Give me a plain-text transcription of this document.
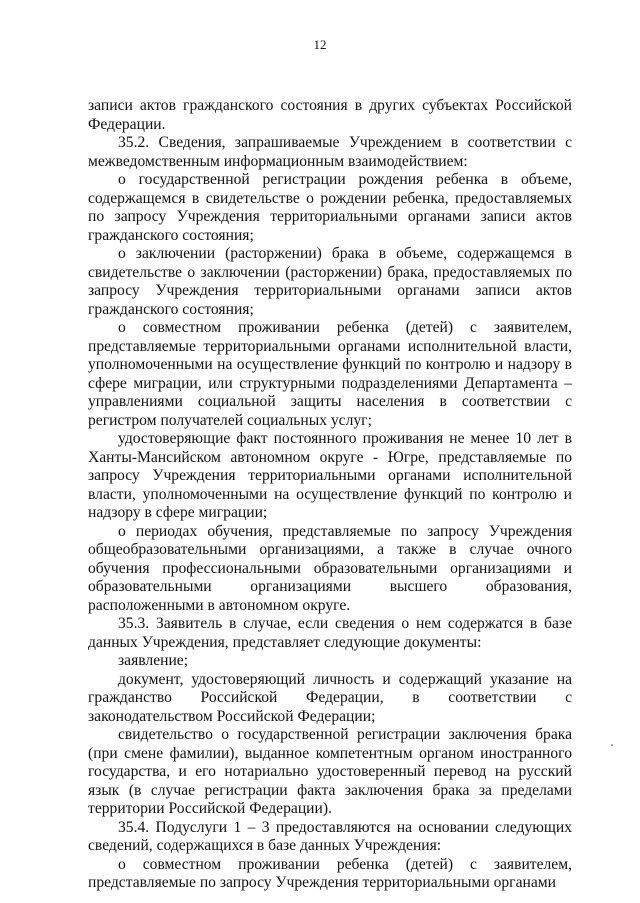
12

записи актов гражданского состояния в других субъектах Российской Федерации.

35.2. Сведения, запрашиваемые Учреждением в соответствии с межведомственным информационным взаимодействием:

о государственной регистрации рождения ребенка в объеме, содержащемся в свидетельстве о рождении ребенка, предоставляемых по запросу Учреждения территориальными органами записи актов гражданского состояния;

о заключении (расторжении) брака в объеме, содержащемся в свидетельстве о заключении (расторжении) брака, предоставляемых по запросу Учреждения территориальными органами записи актов гражданского состояния;

о совместном проживании ребенка (детей) с заявителем, представляемые территориальными органами исполнительной власти, уполномоченными на осуществление функций по контролю и надзору в сфере миграции, или структурными подразделениями Департамента – управлениями социальной защиты населения в соответствии с регистром получателей социальных услуг;

удостоверяющие факт постоянного проживания не менее 10 лет в Ханты-Мансийском автономном округе - Югре, представляемые по запросу Учреждения территориальными органами исполнительной власти, уполномоченными на осуществление функций по контролю и надзору в сфере миграции;

о периодах обучения, представляемые по запросу Учреждения общеобразовательными организациями, а также в случае очного обучения профессиональными образовательными организациями и образовательными организациями высшего образования, расположенными в автономном округе.

35.3. Заявитель в случае, если сведения о нем содержатся в базе данных Учреждения, представляет следующие документы:

заявление;

документ, удостоверяющий личность и содержащий указание на гражданство Российской Федерации, в соответствии с законодательством Российской Федерации;

свидетельство о государственной регистрации заключения брака (при смене фамилии), выданное компетентным органом иностранного государства, и его нотариально удостоверенный перевод на русский язык (в случае регистрации факта заключения брака за пределами территории Российской Федерации).

35.4. Подуслуги 1 – 3 предоставляются на основании следующих сведений, содержащихся в базе данных Учреждения:

о совместном проживании ребенка (детей) с заявителем, представляемые по запросу Учреждения территориальными органами
